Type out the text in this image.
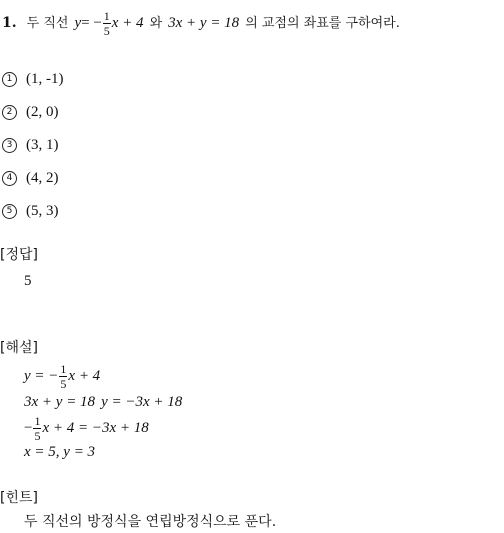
1. 두 직선 y = − $\frac{1}{5}$ x + 4 와 3x + y = 18 의 교점의 좌표를 구하여라.
1 (1, -1)
2 (2, 0)
3 (3, 1)
4 (4, 2)
5 (5, 3)
[정답]
5
[해설]
y = − $\frac{1}{5}$ x + 4
3x + y = 18 y = −3x + 18
− $\frac{1}{5}$ x + 4 = −3x + 18
x = 5, y = 3
[힌트]
두 직선의 방정식을 연립방정식으로 푼다.
